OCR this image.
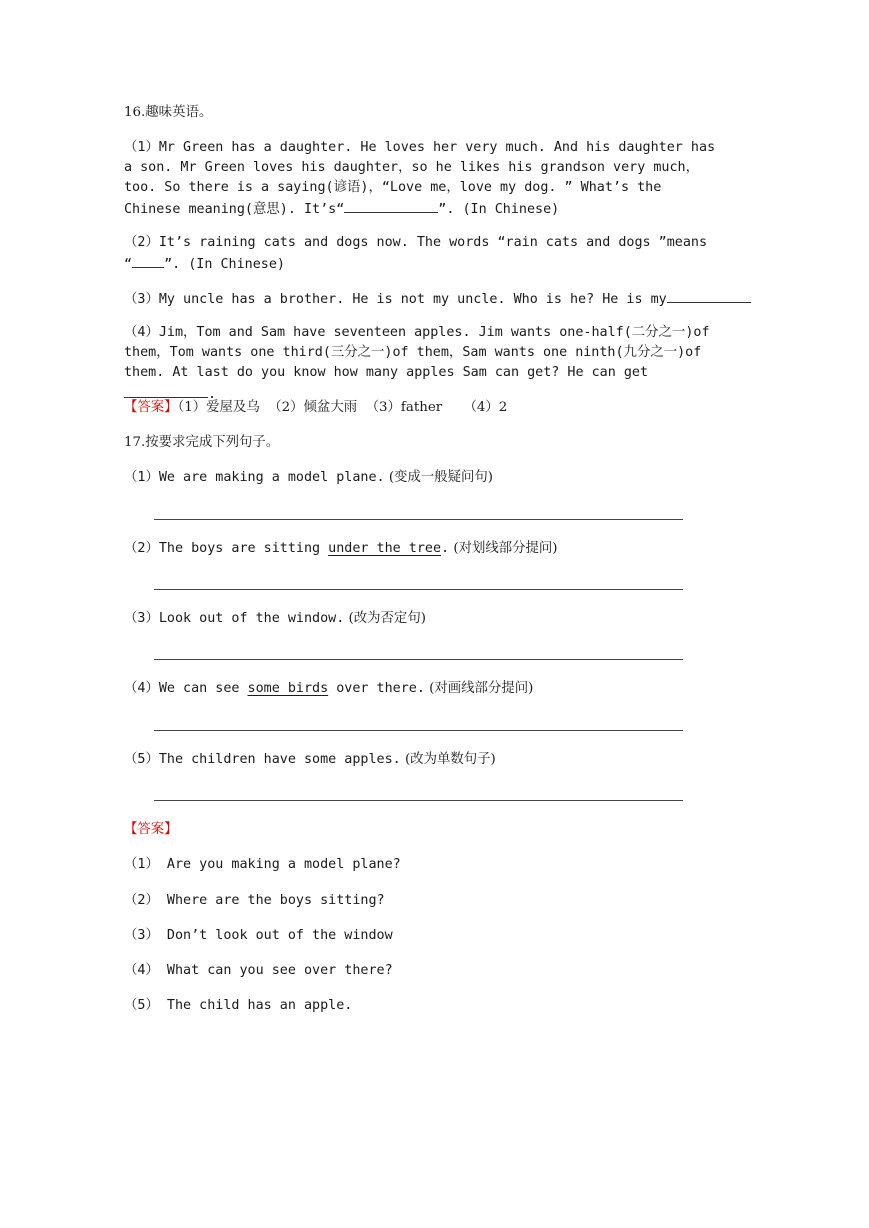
16.趣味英语。
（1）Mr Green has a daughter. He loves her very much. And his daughter has a son. Mr Green loves his daughter，so he likes his grandson very much，too. So there is a saying(谚语)，“Love me，love my dog. ” What’s the Chinese meaning(意思). It’s“	”. (In Chinese)
（2）It’s raining cats and dogs now. The words “rain cats and dogs ”means
“ ”. (In Chinese)
（3）My uncle has a brother. He is not my uncle. Who is he? He is my
（4）Jim，Tom and Sam have seventeen apples. Jim wants one-half(二分之一)of them，Tom wants one third(三分之一)of them，Sam wants one ninth(九分之一)of them. At last do you know how many apples Sam can get? He can get.
【答案】（1）爱屋及乌  （2）倾盆大雨  （3）father     （4）2
17.按要求完成下列句子。
（1）We are making a model plane. (变成一般疑问句)
（2）The boys are sitting under the tree. (对划线部分提问)
（3）Look out of the window. (改为否定句)
（4）We can see some birds over there. (对画线部分提问)
（5）The children have some apples. (改为单数句子)
【答案】
（1） Are you making a model plane?
（2） Where are the boys sitting?
（3） Don’t look out of the window
（4） What can you see over there?
（5） The child has an apple.
